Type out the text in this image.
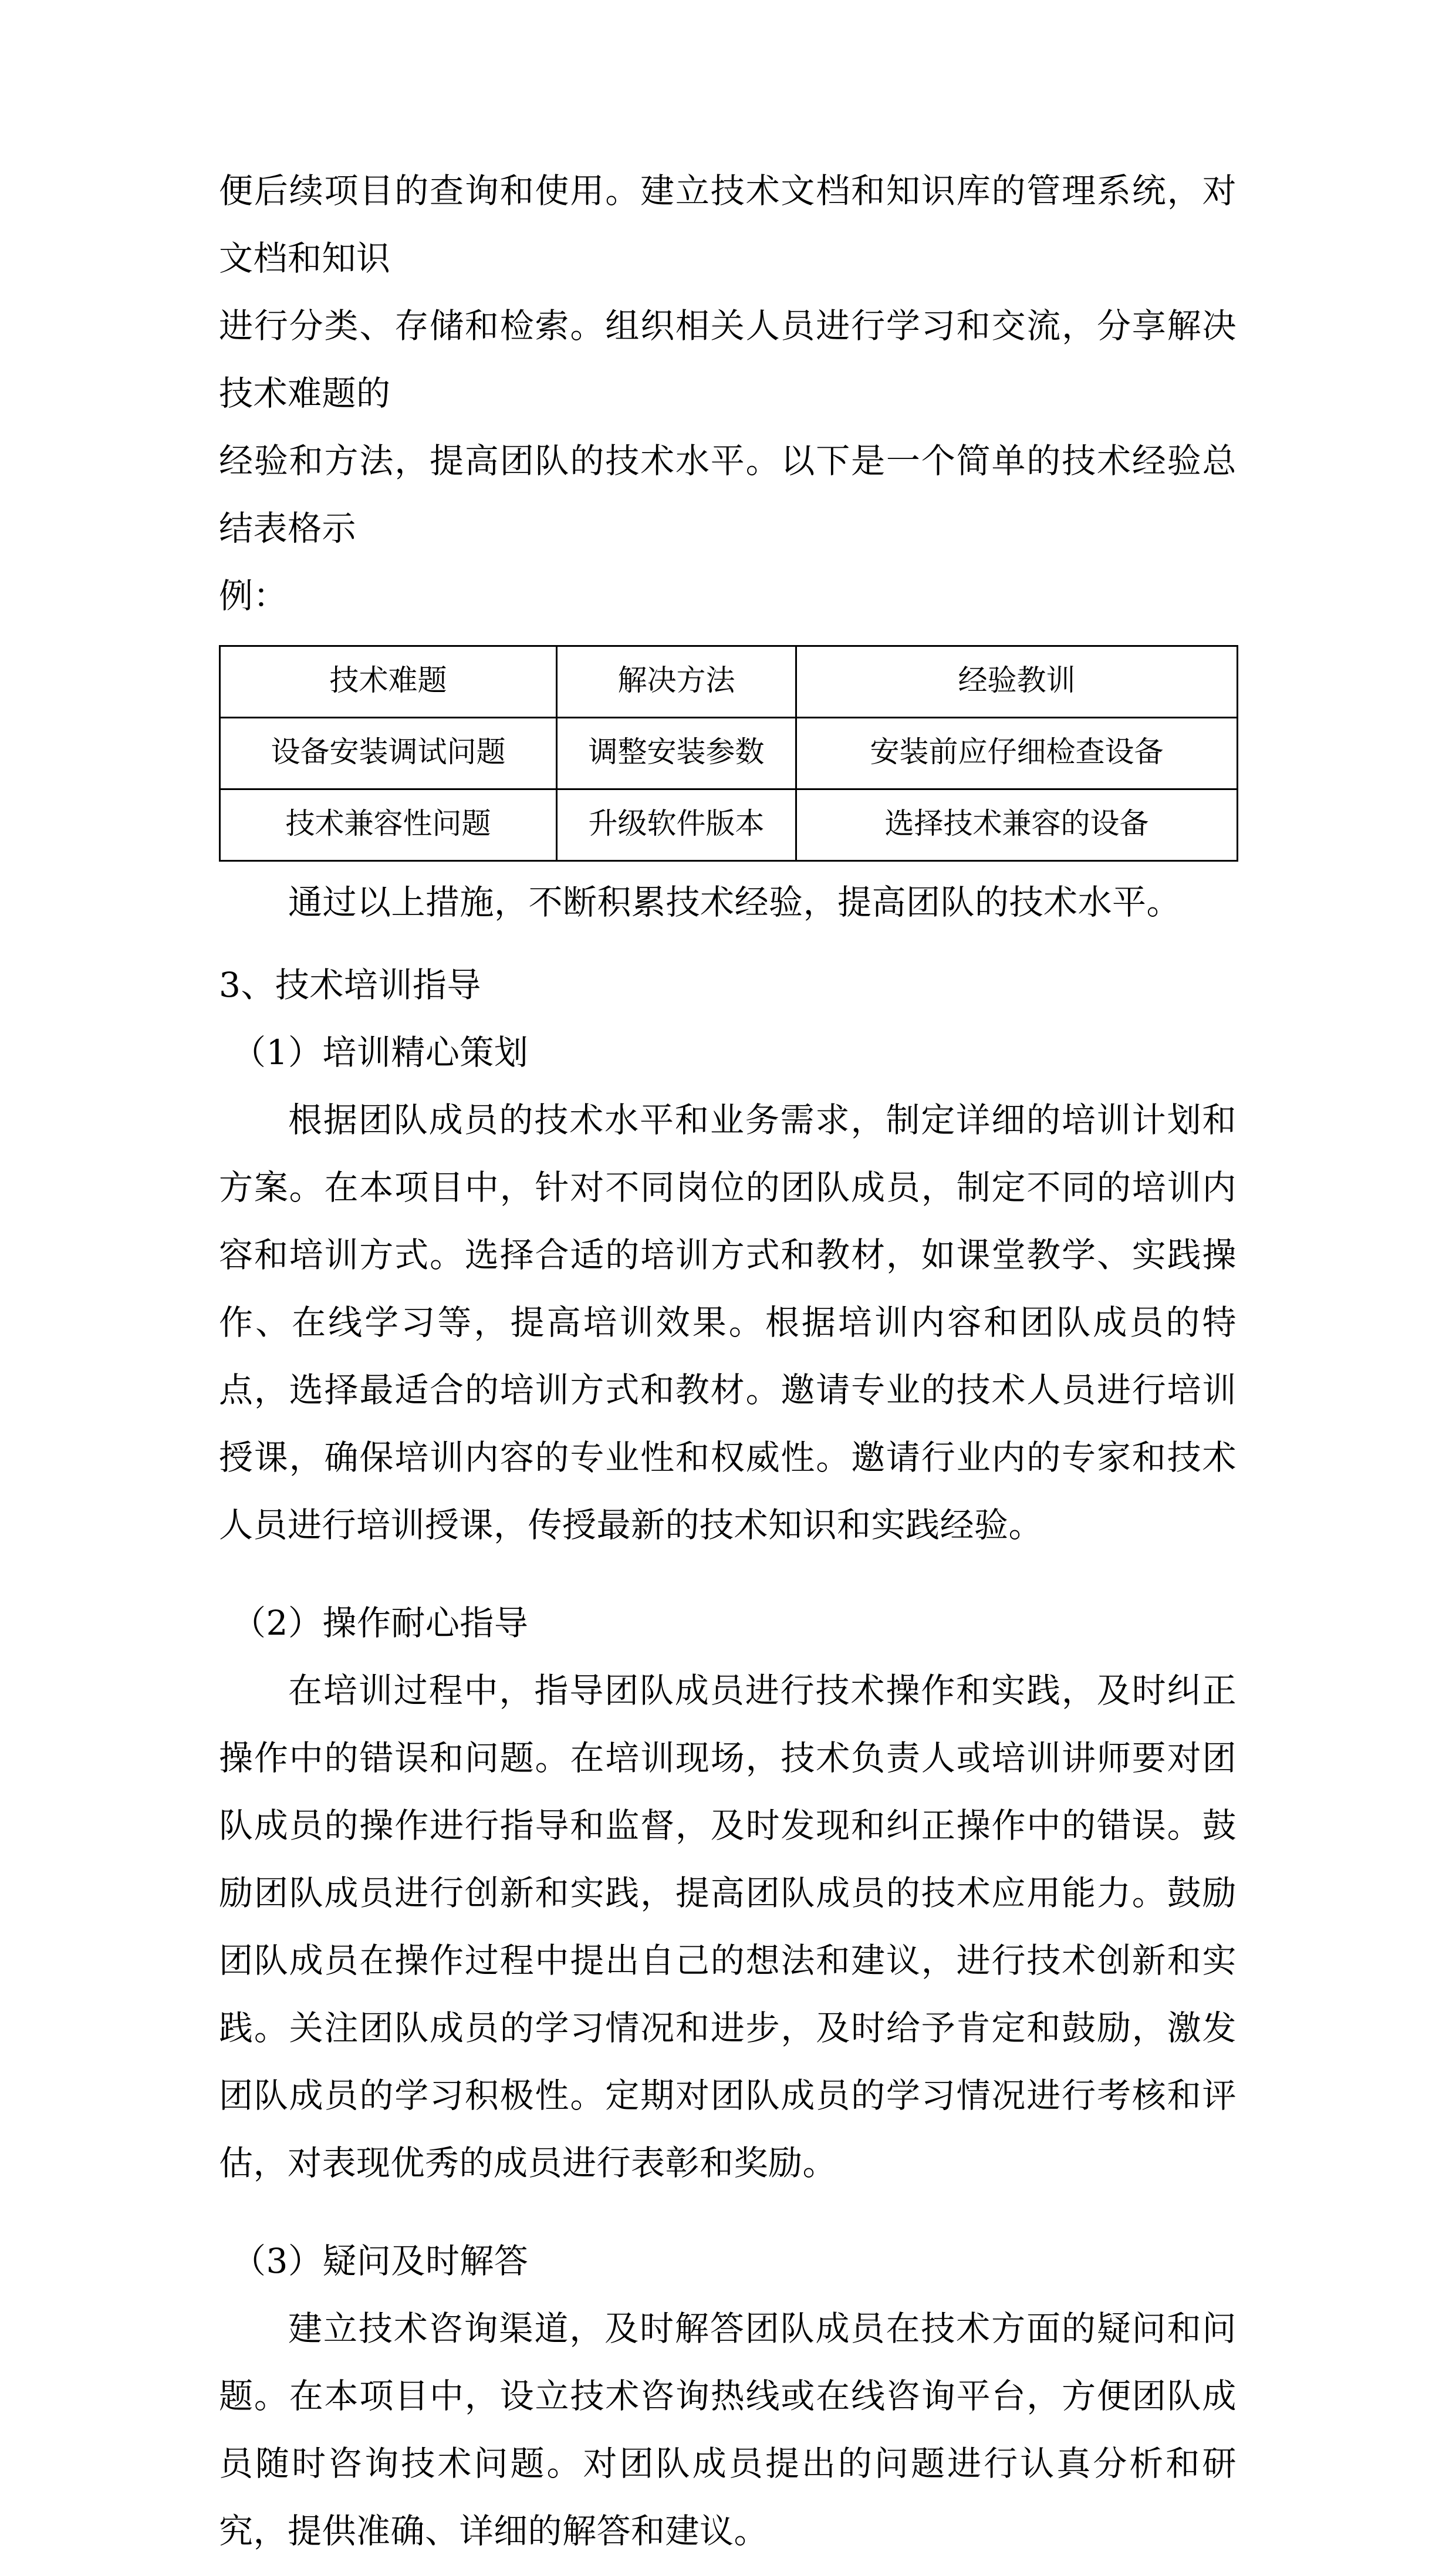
便后续项目的查询和使用。建立技术文档和知识库的管理系统，对文档和知识

进行分类、存储和检索。组织相关人员进行学习和交流，分享解决技术难题的

经验和方法，提高团队的技术水平。以下是一个简单的技术经验总结表格示

例：

技术难题	解决方法	经验教训
设备安装调试问题	调整安装参数	安装前应仔细检查设备
技术兼容性问题	升级软件版本	选择技术兼容的设备

通过以上措施，不断积累技术经验，提高团队的技术水平。

3、技术培训指导

（1）培训精心策划

根据团队成员的技术水平和业务需求，制定详细的培训计划和方案。在本项目中，针对不同岗位的团队成员，制定不同的培训内容和培训方式。选择合适的培训方式和教材，如课堂教学、实践操作、在线学习等，提高培训效果。根据培训内容和团队成员的特点，选择最适合的培训方式和教材。邀请专业的技术人员进行培训授课，确保培训内容的专业性和权威性。邀请行业内的专家和技术人员进行培训授课，传授最新的技术知识和实践经验。

（2）操作耐心指导

在培训过程中，指导团队成员进行技术操作和实践，及时纠正操作中的错误和问题。在培训现场，技术负责人或培训讲师要对团队成员的操作进行指导和监督，及时发现和纠正操作中的错误。鼓励团队成员进行创新和实践，提高团队成员的技术应用能力。鼓励团队成员在操作过程中提出自己的想法和建议，进行技术创新和实践。关注团队成员的学习情况和进步，及时给予肯定和鼓励，激发团队成员的学习积极性。定期对团队成员的学习情况进行考核和评估，对表现优秀的成员进行表彰和奖励。

（3）疑问及时解答

建立技术咨询渠道，及时解答团队成员在技术方面的疑问和问题。在本项目中，设立技术咨询热线或在线咨询平台，方便团队成员随时咨询技术问题。对团队成员提出的问题进行认真分析和研究，提供准确、详细的解答和建议。
